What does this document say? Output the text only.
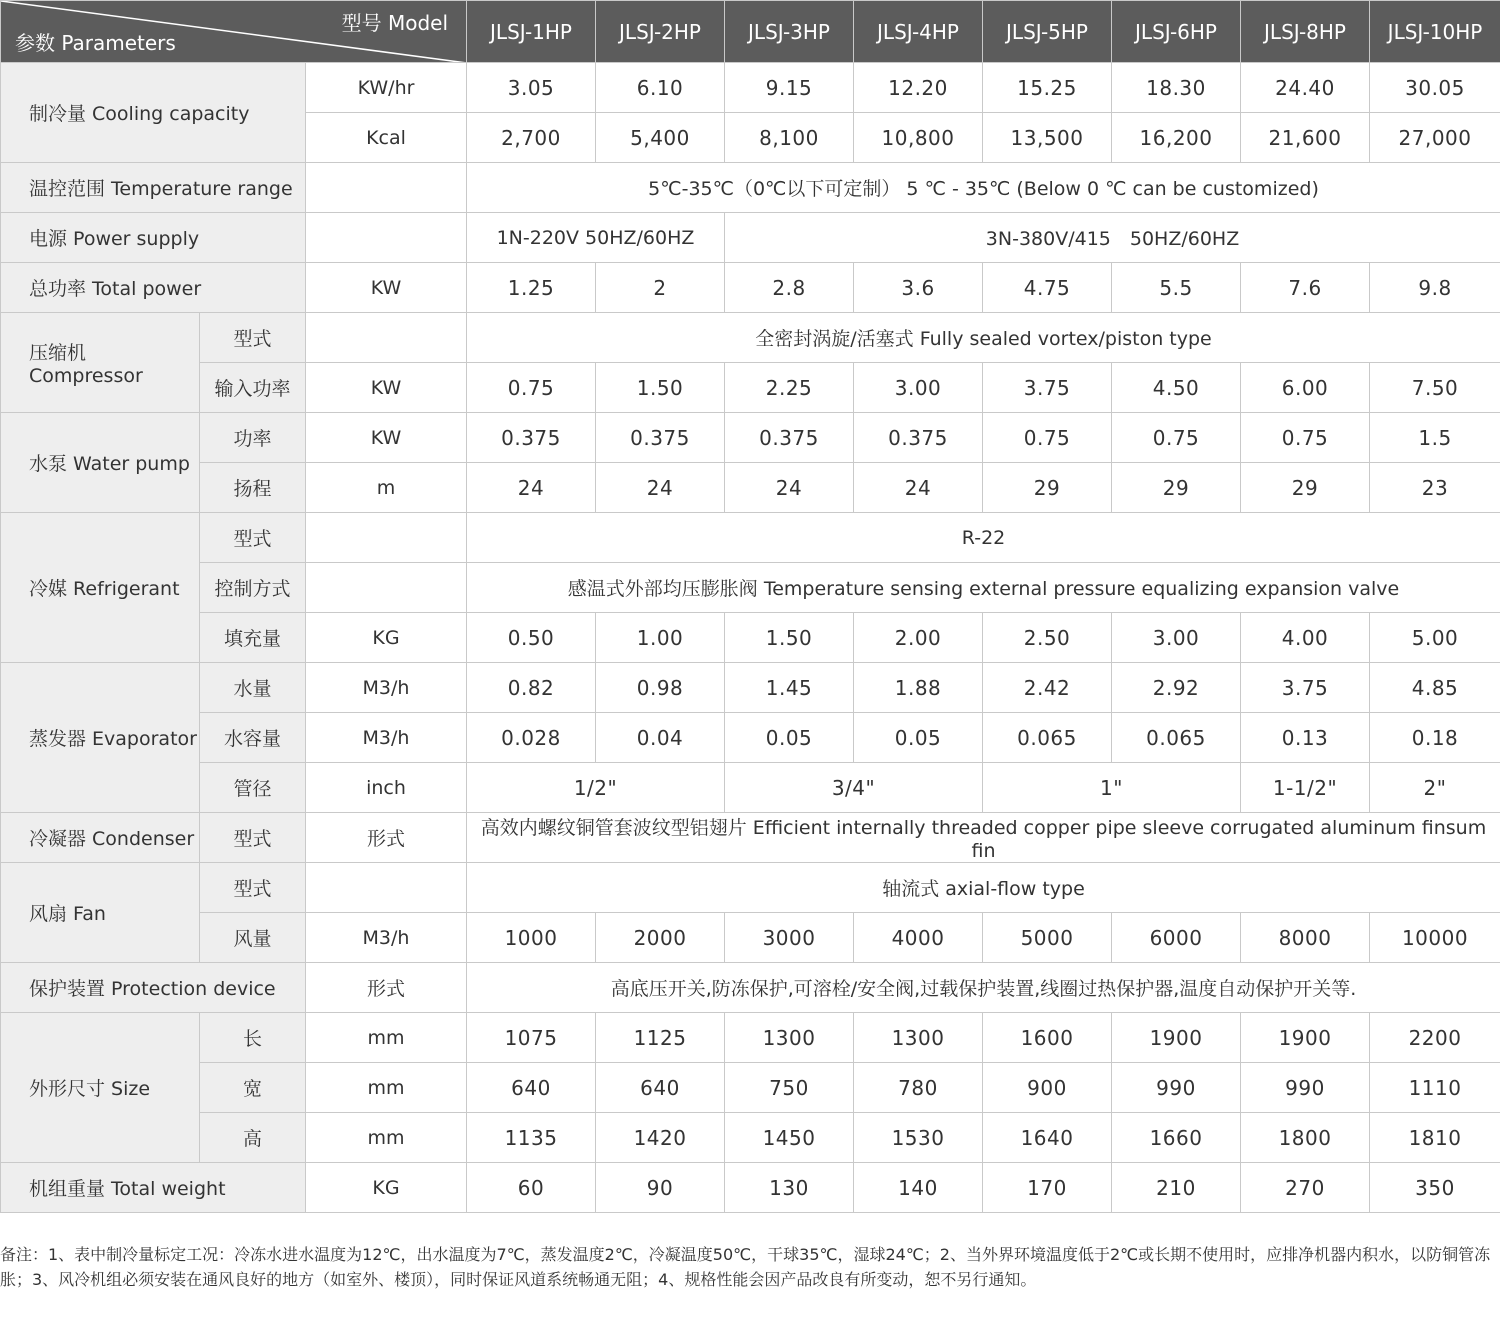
型号 Model
参数 Parameters			JLSJ-1HP	JLSJ-2HP	JLSJ-3HP	JLSJ-4HP	JLSJ-5HP	JLSJ-6HP	JLSJ-8HP	JLSJ-10HP
制冷量 Cooling capacity		KW/hr	3.05	6.10	9.15	12.20	15.25	18.30	24.40	30.05
		Kcal	2,700	5,400	8,100	10,800	13,500	16,200	21,600	27,000
温控范围 Temperature range			5℃-35℃（0℃以下可定制） 5 ℃ - 35℃ (Below 0 ℃ can be customized)							
电源 Power supply			1N-220V 50HZ/60HZ		3N-380V/415　50HZ/60HZ					
总功率 Total power		KW	1.25	2	2.8	3.6	4.75	5.5	7.6	9.8
压缩机 Compressor	型式		全密封涡旋/活塞式 Fully sealed vortex/piston type							
	输入功率	KW	0.75	1.50	2.25	3.00	3.75	4.50	6.00	7.50
水泵 Water pump	功率	KW	0.375	0.375	0.375	0.375	0.75	0.75	0.75	1.5
	扬程	m	24	24	24	24	29	29	29	23
冷媒 Refrigerant	型式		R-22							
	控制方式		感温式外部均压膨胀阀 Temperature sensing external pressure equalizing expansion valve							
	填充量	KG	0.50	1.00	1.50	2.00	2.50	3.00	4.00	5.00
蒸发器 Evaporator	水量	M3/h	0.82	0.98	1.45	1.88	2.42	2.92	3.75	4.85
	水容量	M3/h	0.028	0.04	0.05	0.05	0.065	0.065	0.13	0.18
	管径	inch	1/2"		3/4"		1"		1-1/2"	2"
冷凝器 Condenser	型式	形式	高效内螺纹铜管套波纹型铝翅片 Efficient internally threaded copper pipe sleeve corrugated aluminum finsum fin							
风扇 Fan	型式		轴流式 axial-flow type							
	风量	M3/h	1000	2000	3000	4000	5000	6000	8000	10000
保护装置 Protection device		形式	高底压开关,防冻保护,可溶栓/安全阀,过载保护装置,线圈过热保护器,温度自动保护开关等.							
外形尺寸 Size	长	mm	1075	1125	1300	1300	1600	1900	1900	2200
	宽	mm	640	640	750	780	900	990	990	1110
	高	mm	1135	1420	1450	1530	1640	1660	1800	1810
机组重量 Total weight		KG	60	90	130	140	170	210	270	350

备注：1、表中制冷量标定工况：冷冻水进水温度为12℃，出水温度为7℃，蒸发温度2℃，冷凝温度50℃，干球35℃，湿球24℃；2、当外界环境温度低于2℃或长期不使用时，应排净机器内积水，以防铜管冻胀；3、风冷机组必须安装在通风良好的地方（如室外、楼顶），同时保证风道系统畅通无阻；4、规格性能会因产品改良有所变动，恕不另行通知。
